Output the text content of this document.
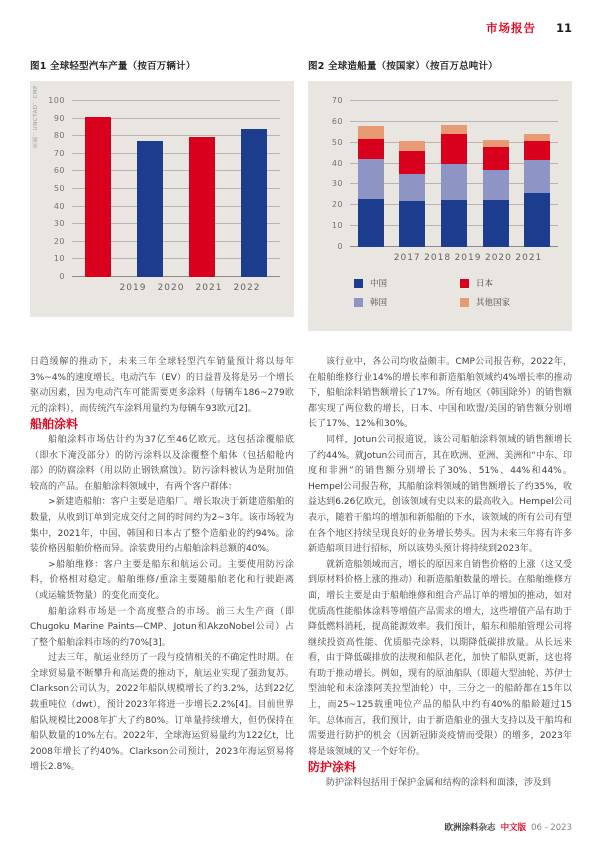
市场报告 11

图1 全球轻型汽车产量（按百万辆计）

来源：UNCTAD，CMP
0
10
20
30
40
50
60
70
80
90
100
2019	2020	2021	2022

图2 全球造船量（按国家）（按百万总吨计）

0
10
20
30
40
50
60
70
2017 2018 2019 2020 2021
中国	日本
韩国	其他国家

日趋缓解的推动下，未来三年全球轻型汽车销量预计将以每年3%~4%的速度增长。电动汽车（EV）的日益普及将是另一个增长驱动因素，因为电动汽车可能需要更多涂料（每辆车186~279欧元的涂料），而传统汽车涂料用量约为每辆车93欧元[2]。

船舶涂料

船舶涂料市场估计约为37亿至46亿欧元。这包括涂覆船底（即水下淹没部分）的防污涂料以及涂覆整个船体（包括船舱内部）的防腐涂料（用以防止钢铁腐蚀）。防污涂料被认为是附加值较高的产品。在船舶涂料领域中，有两个客户群体：

>新建造船舶：客户主要是造船厂。增长取决于新建造船舶的数量，从收到订单到完成交付之间的时间约为2~3年。该市场较为集中，2021年，中国、韩国和日本占了整个造船业的约94%。涂装价格因船舶价格而异。涂装费用约占船舶涂料总额的40%。

>船舶维修：客户主要是船东和航运公司。主要使用防污涂料，价格相对稳定。船舶维修/重涂主要随船舶老化和行驶距离（或运输货物量）的变化而变化。

船舶涂料市场是一个高度整合的市场。前三大生产商（即Chugoku Marine Paints—CMP、Jotun和AkzoNobel公司）占了整个船舶涂料市场的约70%[3]。

过去三年，航运业经历了一段与疫情相关的不确定性时期。在全球贸易量不断攀升和高运费的推动下，航运业实现了强劲复苏。Clarkson公司认为，2022年船队规模增长了约3.2%，达到22亿载重吨位（dwt），预计2023年将进一步增长2.2%[4]。目前世界船队规模比2008年扩大了约80%。订单量持续增大，但仍保持在船队数量的10%左右。2022年，全球海运贸易量约为122亿t，比2008年增长了约40%。Clarkson公司预计，2023年海运贸易将增长2.8%。

该行业中，各公司均收益颇丰。CMP公司报告称，2022年，在船舶维修行业14%的增长率和新造船舶领域约4%增长率的推动下，船舶涂料销售额增长了17%。所有地区（韩国除外）的销售额都实现了两位数的增长，日本、中国和欧盟/美国的销售额分别增长了17%、12%和30%。

同样，Jotun公司报道说，该公司船舶涂料领域的销售额增长了约44%。就Jotun公司而言，其在欧洲、亚洲、美洲和“中东、印度和非洲”的销售额分别增长了30%、51%、44%和44%。Hempel公司报告称，其船舶涂料领域的销售额增长了约35%，收益达到6.26亿欧元，创该领域有史以来的最高收入。Hempel公司表示，随着干船坞的增加和新船舶的下水，该领域的所有公司有望在各个地区持续呈现良好的业务增长势头。因为未来三年将有许多新造船项目进行招标，所以该势头预计将持续到2023年。

就新造船领域而言，增长的原因来自销售价格的上涨（这又受到原材料价格上涨的推动）和新造船舶数量的增长。在船舶维修方面，增长主要是由于船舶维修和组合产品订单的增加的推动，如对优质高性能船体涂料等增值产品需求的增大，这些增值产品有助于降低燃料消耗，提高能源效率。我们预计，船东和船舶管理公司将继续投资高性能、优质船壳涂料，以期降低碳排放量。从长远来看，由于降低碳排放的法规和船队老化，加快了船队更新，这也将有助于推动增长。例如，现有的原油船队（即超大型油轮、苏伊士型油轮和未涂漆阿芙拉型油轮）中，三分之一的船龄都在15年以上，而25~125载重吨位产品的船队中约有40%的船龄超过15年。总体而言，我们预计，由于新造船业的强大支持以及干船坞和需要进行防护的机会（因新冠肺炎疫情而受限）的增多，2023年将是该领域的又一个好年份。

防护涂料

防护涂料包括用于保护金属和结构的涂料和面漆，涉及到

欧洲涂料杂志 中文版 06 - 2023
